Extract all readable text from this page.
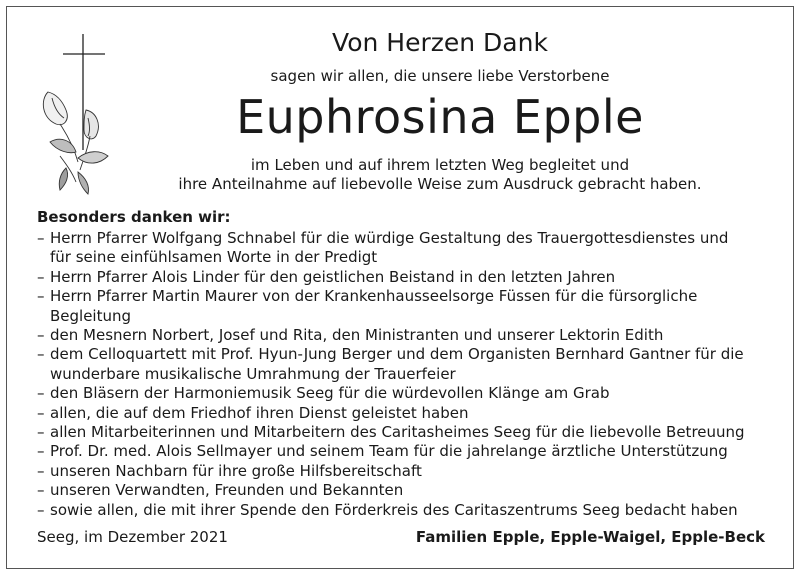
Von Herzen Dank
sagen wir allen, die unsere liebe Verstorbene
Euphrosina Epple
im Leben und auf ihrem letzten Weg begleitet und
ihre Anteilnahme auf liebevolle Weise zum Ausdruck gebracht haben.
Besonders danken wir:
– Herrn Pfarrer Wolfgang Schnabel für die würdige Gestaltung des Trauergottesdienstes und
für seine einfühlsamen Worte in der Predigt
– Herrn Pfarrer Alois Linder für den geistlichen Beistand in den letzten Jahren
– Herrn Pfarrer Martin Maurer von der Krankenhausseelsorge Füssen für die fürsorgliche
Begleitung
– den Mesnern Norbert, Josef und Rita, den Ministranten und unserer Lektorin Edith
– dem Celloquartett mit Prof. Hyun-Jung Berger und dem Organisten Bernhard Gantner für die
wunderbare musikalische Umrahmung der Trauerfeier
– den Bläsern der Harmoniemusik Seeg für die würdevollen Klänge am Grab
– allen, die auf dem Friedhof ihren Dienst geleistet haben
– allen Mitarbeiterinnen und Mitarbeitern des Caritasheimes Seeg für die liebevolle Betreuung
– Prof. Dr. med. Alois Sellmayer und seinem Team für die jahrelange ärztliche Unterstützung
– unseren Nachbarn für ihre große Hilfsbereitschaft
– unseren Verwandten, Freunden und Bekannten
– sowie allen, die mit ihrer Spende den Förderkreis des Caritaszentrums Seeg bedacht haben
Seeg, im Dezember 2021	Familien Epple, Epple-Waigel, Epple-Beck
